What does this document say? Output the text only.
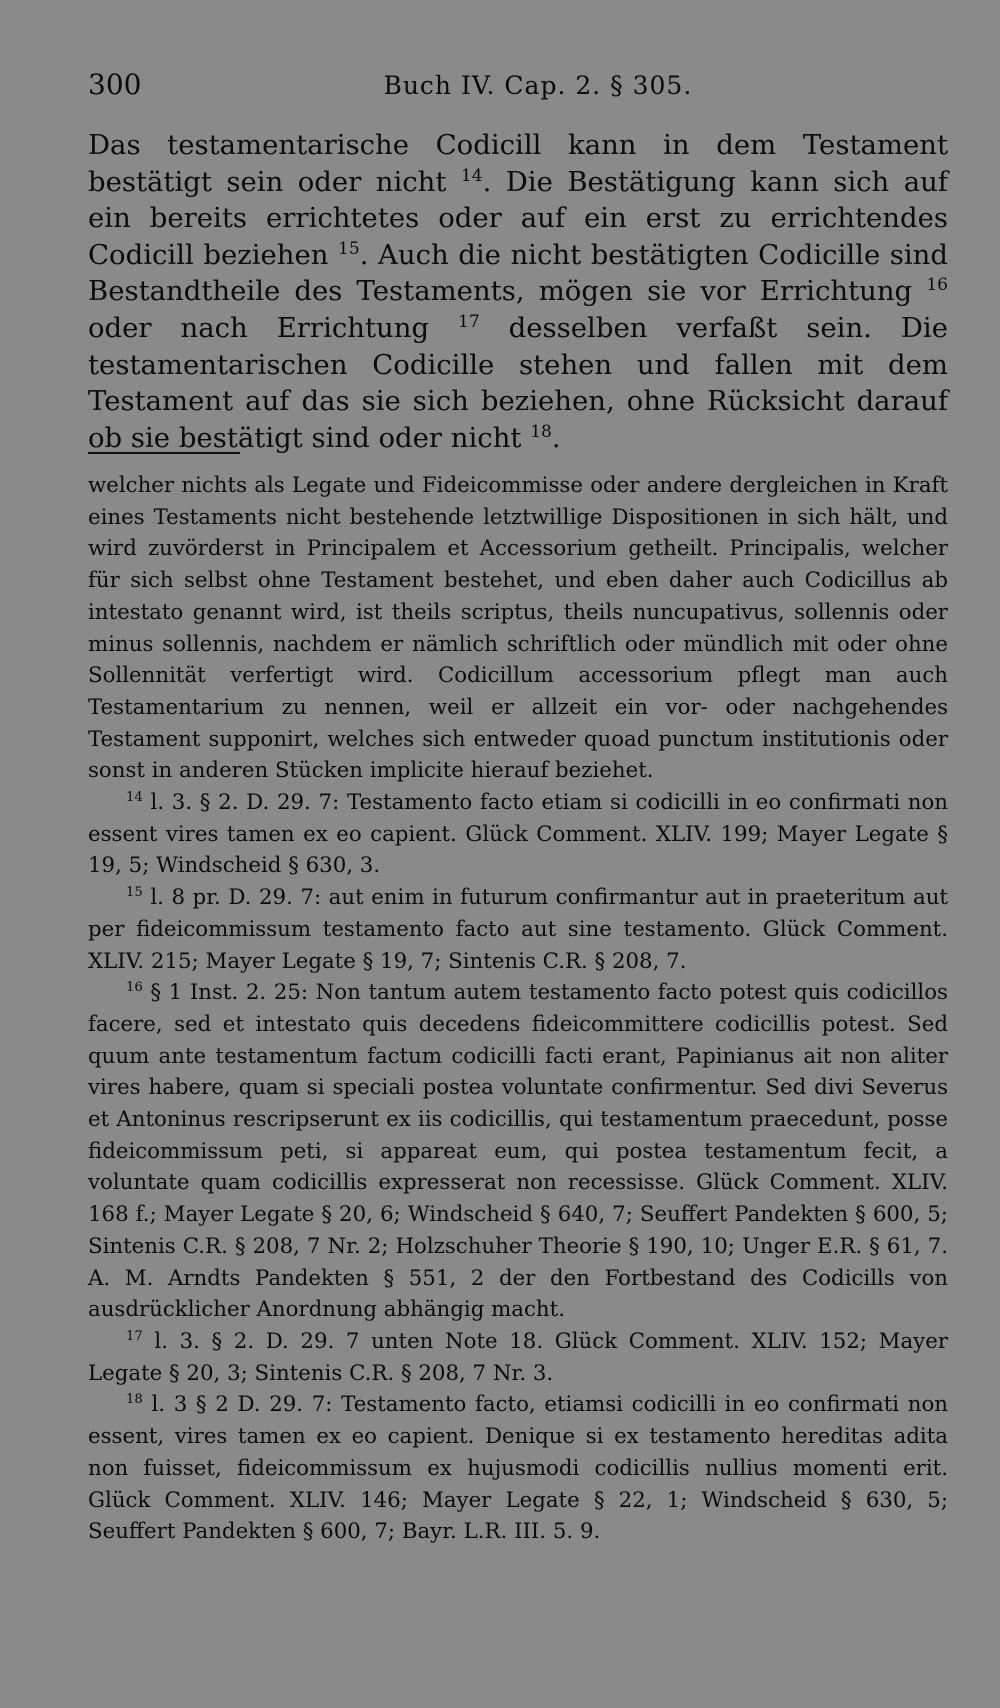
300	Buch IV. Cap. 2. § 305.

Das testamentarische Codicill kann in dem Testament bestätigt sein oder nicht $^{14}$. Die Bestätigung kann sich auf ein bereits errichtetes oder auf ein erst zu errichtendes Codicill beziehen $^{15}$. Auch die nicht bestätigten Codicille sind Bestandtheile des Testaments, mögen sie vor Errichtung $^{16}$ oder nach Errichtung $^{17}$ desselben verfaßt sein. Die testamentarischen Codicille stehen und fallen mit dem Testament auf das sie sich beziehen, ohne Rücksicht darauf ob sie bestätigt sind oder nicht $^{18}$.

welcher nichts als Legate und Fideicommisse oder andere dergleichen in Kraft eines Testaments nicht bestehende letztwillige Dispositionen in sich hält, und wird zuvörderst in Principalem et Accessorium getheilt. Principalis, welcher für sich selbst ohne Testament bestehet, und eben daher auch Codicillus ab intestato genannt wird, ist theils scriptus, theils nuncupativus, sollennis oder minus sollennis, nachdem er nämlich schriftlich oder mündlich mit oder ohne Sollennität verfertigt wird. Codicillum accessorium pflegt man auch Testamentarium zu nennen, weil er allzeit ein vor- oder nachgehendes Testament supponirt, welches sich entweder quoad punctum institutionis oder sonst in anderen Stücken implicite hierauf beziehet.

$^{14}$ l. 3. § 2. D. 29. 7: Testamento facto etiam si codicilli in eo confirmati non essent vires tamen ex eo capient. Glück Comment. XLIV. 199; Mayer Legate § 19, 5; Windscheid § 630, 3.

$^{15}$ l. 8 pr. D. 29. 7: aut enim in futurum confirmantur aut in praeteritum aut per fideicommissum testamento facto aut sine testamento. Glück Comment. XLIV. 215; Mayer Legate § 19, 7; Sintenis C.R. § 208, 7.

$^{16}$ § 1 Inst. 2. 25: Non tantum autem testamento facto potest quis codicillos facere, sed et intestato quis decedens fideicommittere codicillis potest. Sed quum ante testamentum factum codicilli facti erant, Papinianus ait non aliter vires habere, quam si speciali postea voluntate confirmentur. Sed divi Severus et Antoninus rescripserunt ex iis codicillis, qui testamentum praecedunt, posse fideicommissum peti, si appareat eum, qui postea testamentum fecit, a voluntate quam codicillis expresserat non recessisse. Glück Comment. XLIV. 168 f.; Mayer Legate § 20, 6; Windscheid § 640, 7; Seuffert Pandekten § 600, 5; Sintenis C.R. § 208, 7 Nr. 2; Holzschuher Theorie § 190, 10; Unger E.R. § 61, 7. A. M. Arndts Pandekten § 551, 2 der den Fortbestand des Codicills von ausdrücklicher Anordnung abhängig macht.

$^{17}$ l. 3. § 2. D. 29. 7 unten Note 18. Glück Comment. XLIV. 152; Mayer Legate § 20, 3; Sintenis C.R. § 208, 7 Nr. 3.

$^{18}$ l. 3 § 2 D. 29. 7: Testamento facto, etiamsi codicilli in eo confirmati non essent, vires tamen ex eo capient. Denique si ex testamento hereditas adita non fuisset, fideicommissum ex hujusmodi codicillis nullius momenti erit. Glück Comment. XLIV. 146; Mayer Legate § 22, 1; Windscheid § 630, 5; Seuffert Pandekten § 600, 7; Bayr. L.R. III. 5. 9.
